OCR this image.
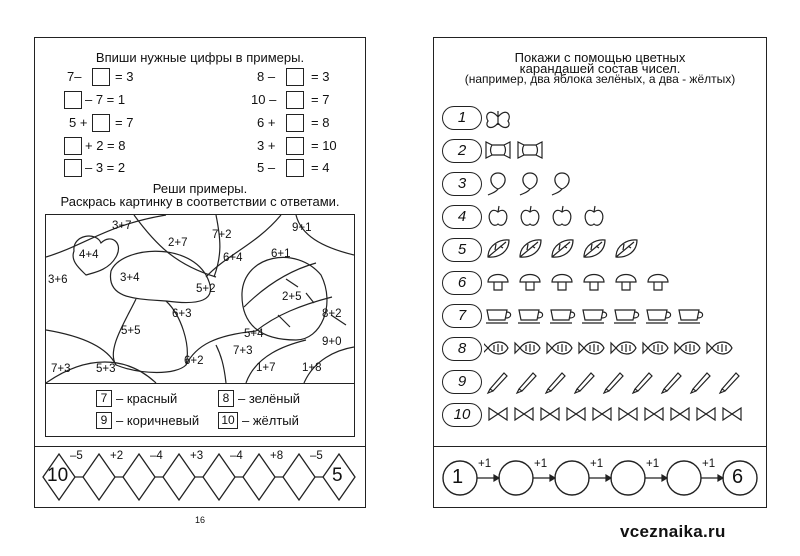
Впиши нужные цифры в примеры.
7–	= 3
– 7 = 1
5 + = 7
+ 2 = 8
– 3 = 2
8 –	= 3
10 –	= 7
6 +	= 8
3 +	= 10
5 –	= 4
Реши примеры.
Раскрась картинку в соответствии с ответами.
3+7
2+7
7+2
9+1
4+4	6+4 6+1
3+6	3+4
5+2
2+5
6+3	8+2
5+5	5+4
9+0
7+3
6+2
7+3 5+3	1+7 1+8
7 – красный	8 – зелёный
9 – коричневый 10 – жёлтый
10	5
–5 +2 –4 +3 –4 +8 –5
16
Покажи с помощью цветных
карандашей состав чисел.
(например, два яблока зелёных, а два - жёлтых)
1
2
3
4
5
6
7
8
9
10
1	6
+1	+1	+1	+1	+1
vceznaika.ru
